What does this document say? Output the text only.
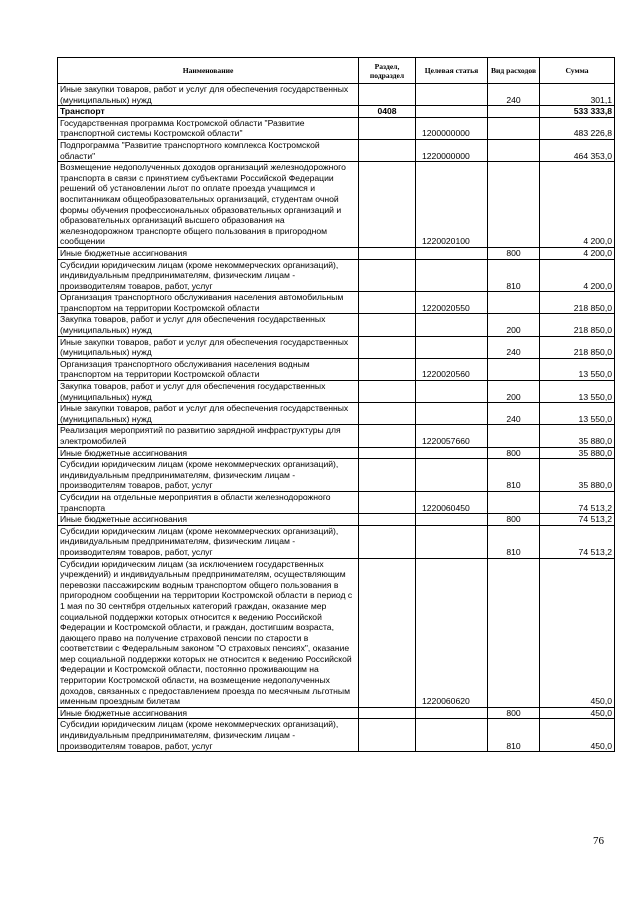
Наименование	Раздел, подраздел	Целевая статья	Вид расходов	Сумма
Иные закупки товаров, работ и услуг для обеспечения государственных (муниципальных) нужд			240	301,1
Транспорт	0408			533 333,8
Государственная программа Костромской области "Развитие транспортной системы Костромской области"		1200000000		483 226,8
Подпрограмма "Развитие транспортного комплекса Костромской области"		1220000000		464 353,0
Возмещение недополученных доходов организаций железнодорожного транспорта в связи с принятием субъектами Российской Федерации решений об установлении льгот по оплате проезда учащимся и воспитанникам общеобразовательных организаций, студентам очной формы обучения профессиональных образовательных организаций и образовательных организаций высшего образования на железнодорожном транспорте общего пользования в пригородном сообщении		1220020100		4 200,0
Иные бюджетные ассигнования			800	4 200,0
Субсидии юридическим лицам (кроме некоммерческих организаций), индивидуальным предпринимателям, физическим лицам - производителям товаров, работ, услуг			810	4 200,0
Организация транспортного обслуживания населения автомобильным транспортом на территории Костромской области		1220020550		218 850,0
Закупка товаров, работ и услуг для обеспечения государственных (муниципальных) нужд			200	218 850,0
Иные закупки товаров, работ и услуг для обеспечения государственных (муниципальных) нужд			240	218 850,0
Организация транспортного обслуживания населения водным транспортом на территории Костромской области		1220020560		13 550,0
Закупка товаров, работ и услуг для обеспечения государственных (муниципальных) нужд			200	13 550,0
Иные закупки товаров, работ и услуг для обеспечения государственных (муниципальных) нужд			240	13 550,0
Реализация мероприятий по развитию зарядной инфраструктуры для электромобилей		1220057660		35 880,0
Иные бюджетные ассигнования			800	35 880,0
Субсидии юридическим лицам (кроме некоммерческих организаций), индивидуальным предпринимателям, физическим лицам - производителям товаров, работ, услуг			810	35 880,0
Субсидии на отдельные мероприятия в области железнодорожного транспорта		1220060450		74 513,2
Иные бюджетные ассигнования			800	74 513,2
Субсидии юридическим лицам (кроме некоммерческих организаций), индивидуальным предпринимателям, физическим лицам - производителям товаров, работ, услуг			810	74 513,2
Субсидии юридическим лицам (за исключением государственных учреждений) и индивидуальным предпринимателям, осуществляющим перевозки пассажирским водным транспортом общего пользования в пригородном сообщении на территории Костромской области в период с 1 мая по 30 сентября отдельных категорий граждан, оказание мер социальной поддержки которых относится к ведению Российской Федерации и Костромской области, и граждан, достигшим возраста, дающего право на получение страховой пенсии по старости в соответствии с Федеральным законом "О страховых пенсиях", оказание мер социальной поддержки которых не относится к ведению Российской Федерации и Костромской области, постоянно проживающим на территории Костромской области, на возмещение недополученных доходов, связанных с предоставлением проезда по месячным льготным именным проездным билетам		1220060620		450,0
Иные бюджетные ассигнования			800	450,0
Субсидии юридическим лицам (кроме некоммерческих организаций), индивидуальным предпринимателям, физическим лицам - производителям товаров, работ, услуг			810	450,0
76
